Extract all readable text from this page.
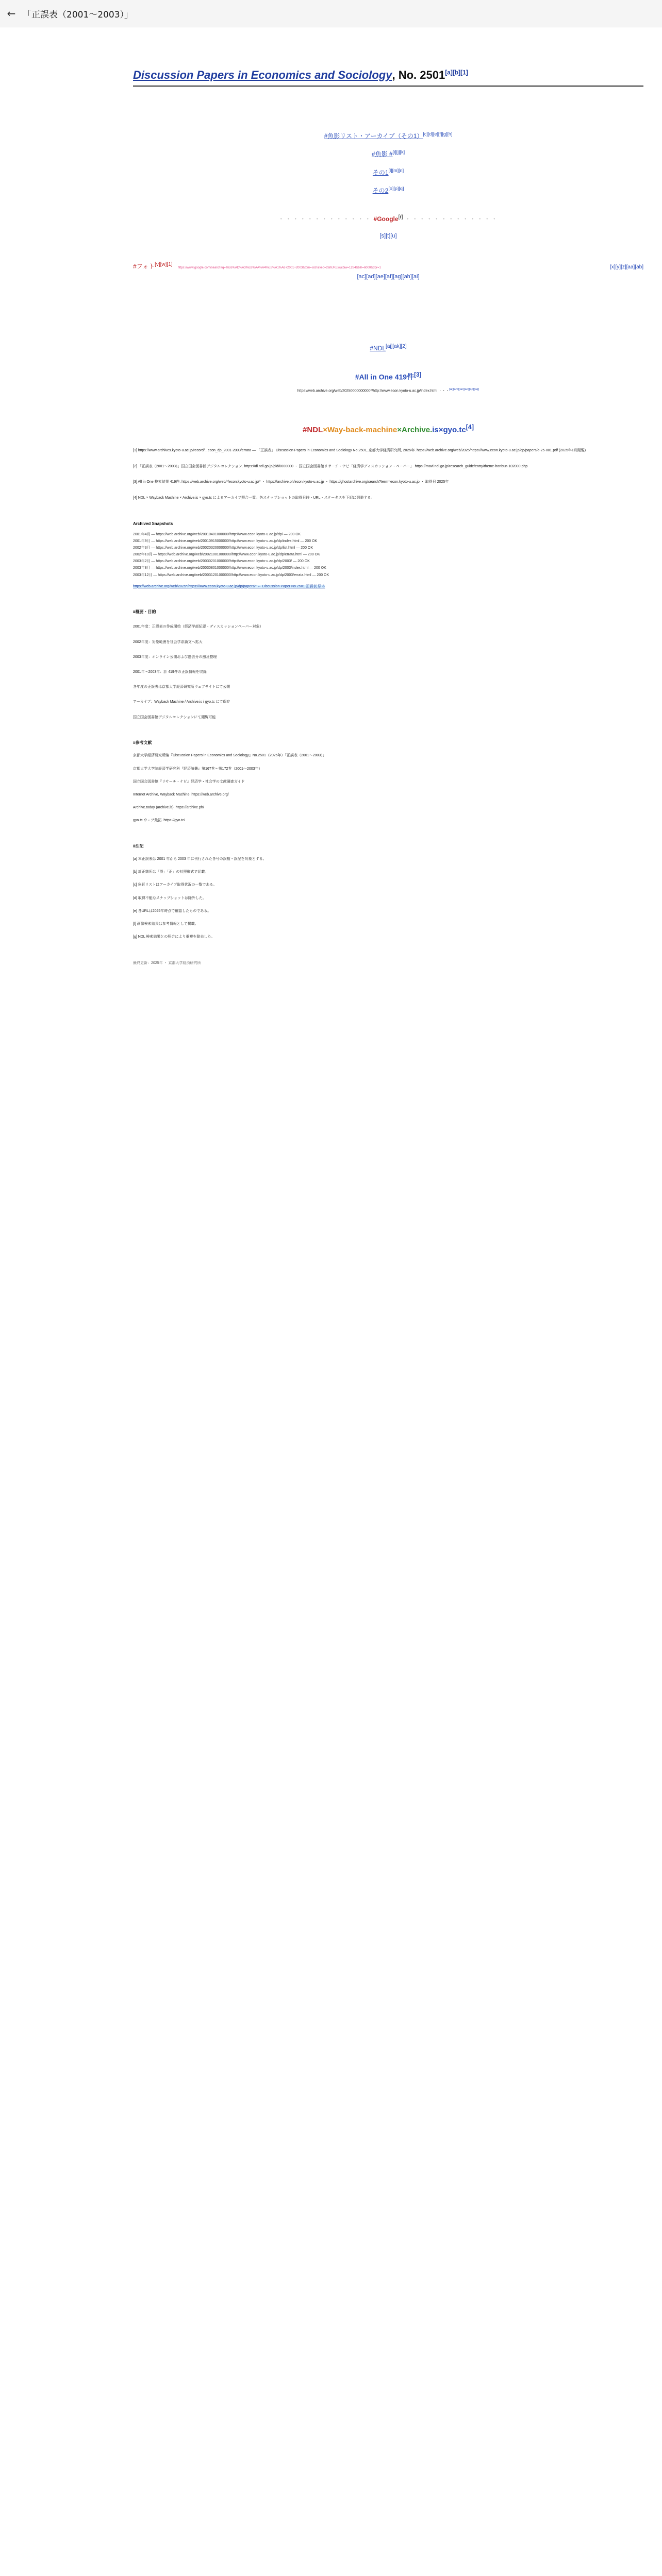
← 「正誤表（2001～2003）」
Discussion Papers in Economics and Sociology, No. 2501[a][b][1]
#魚影リスト・アーカイブ（その1）[c][d][e][f][g][h]
#魚影 #[i][j][k]
その1[l][m][n]
その2[o][p][q]
・・・・・・・・・・・・・ #Google[r] ・・・・・・・・・・・・・
[s][t][u]
#フォト[v][w][1]
https://www.google.com/search?q=%E6%AD%A3%E8%AA%A4%E8%A1%A8+2001+2003&tbm=isch&ved=2ahUKEwj&biw=1284&bih=6000&dpr=1	[x][y][z][aa][ab]
[ac][ad][ae][af][ag][ah][ai]
#NDL[aj][ak][2]
#All in One 419件[3]
https://web.archive.org/web/20250000000000*/http://www.econ.kyoto-u.ac.jp/index.html ・・・[al][am][an][ao][ap][aq]
#NDL×Way-back-machine×Archive.is×gyo.tc[4]
[1] https://www.archives.kyoto-u.ac.jp/record/...econ_dp_2001-2003/errata — 「正誤表」 Discussion Papers in Economics and Sociology No.2501, 京都大学経済研究所, 2025年. https://web.archive.org/web/2025/https://www.econ.kyoto-u.ac.jp/dp/papers/e-25-001.pdf (2025年1月閲覧)
[2] 「正誤表（2001～2003）」国立国会図書館デジタルコレクション. https://dl.ndl.go.jp/pid/0000000 ・ 国立国会図書館リサーチ・ナビ「経済学ディスカッション・ペーパー」 https://rnavi.ndl.go.jp/research_guide/entry/theme-honbun-102000.php
[3] All in One 検索結果 419件. https://web.archive.org/web/*/econ.kyoto-u.ac.jp/* ・ https://archive.ph/econ.kyoto-u.ac.jp ・ https://ghostarchive.org/search?term=econ.kyoto-u.ac.jp ・ 取得日 2025年
[4] NDL × Wayback Machine × Archive.is × gyo.tc によるアーカイブ照合一覧。各スナップショットの取得日時・URL・ステータスを下記に列挙する。
Archived Snapshots
2001年4月 — https://web.archive.org/web/20010401000000/http://www.econ.kyoto-u.ac.jp/dp/ — 200 OK
2001年9月 — https://web.archive.org/web/20010915000000/http://www.econ.kyoto-u.ac.jp/dp/index.html — 200 OK
2002年3月 — https://web.archive.org/web/20020320000000/http://www.econ.kyoto-u.ac.jp/dp/list.html — 200 OK
2002年10月 — https://web.archive.org/web/20021001000000/http://www.econ.kyoto-u.ac.jp/dp/errata.html — 200 OK
2003年2月 — https://web.archive.org/web/20030201000000/http://www.econ.kyoto-u.ac.jp/dp/2003/ — 200 OK
2003年8月 — https://web.archive.org/web/20030801000000/http://www.econ.kyoto-u.ac.jp/dp/2003/index.html — 200 OK
2003年12月 — https://web.archive.org/web/20031201000000/http://www.econ.kyoto-u.ac.jp/dp/2003/errata.html — 200 OK
https://web.archive.org/web/2025*/https://www.econ.kyoto-u.ac.jp/dp/papers/* ← Discussion Paper No.2501 正誤表 原本
#概要・目的
2001年度：正誤表の作成開始（経済学部紀要・ディスカッションペーパー対象）
2002年度：対象範囲を社会学系論文へ拡大
2003年度：オンライン公開および過去分の遡及整理
2001年～2003年：計 419件の正誤情報を収録
各年度の正誤表は京都大学経済研究所ウェブサイトにて公開
アーカイブ：Wayback Machine / Archive.is / gyo.tc にて保存
国立国会図書館デジタルコレクションにて閲覧可能
#参考文献
京都大学経済研究所編『Discussion Papers in Economics and Sociology』No.2501（2025年）「正誤表（2001～2003）」
京都大学大学院経済学研究科『経済論叢』第167巻～第172巻（2001～2003年）
国立国会図書館『リサーチ・ナビ』経済学・社会学の文献調査ガイド
Internet Archive, Wayback Machine. https://web.archive.org/
Archive.today (archive.is). https://archive.ph/
gyo.tc ウェブ魚拓. https://gyo.tc/
#注記
[a] 本正誤表は 2001 年から 2003 年に刊行された各号の誤植・誤記を対象とする。
[b] 訂正箇所は「誤」「正」の対照形式で記載。
[c] 魚影リストはアーカイブ取得状況の一覧である。
[d] 取得不能なスナップショットは除外した。
[e] 各URLは2025年時点で確認したものである。
[f] 画像検索結果は参考情報として掲載。
[g] NDL 検索結果との照合により重複を除去した。
最終更新：2025年 ・ 京都大学経済研究所
